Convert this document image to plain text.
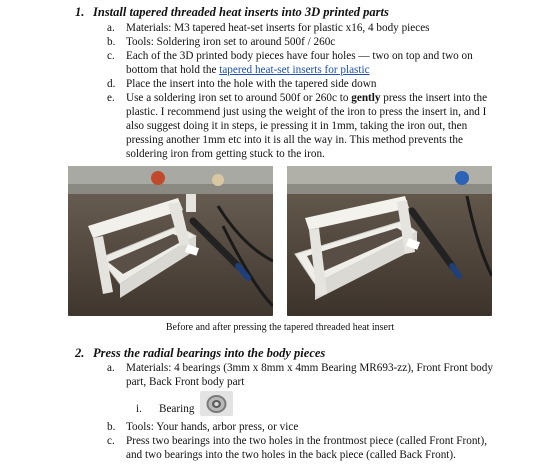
1. Install tapered threaded heat inserts into 3D printed parts
a. Materials: M3 tapered heat-set inserts for plastic x16, 4 body pieces
b. Tools: Soldering iron set to around 500f / 260c
c. Each of the 3D printed body pieces have four holes — two on top and two on
bottom that hold the tapered heat-set inserts for plastic
d. Place the insert into the hole with the tapered side down
e. Use a soldering iron set to around 500f or 260c to gently press the insert into the
plastic. I recommend just using the weight of the iron to press the insert in, and I
also suggest doing it in steps, ie pressing it in 1mm, taking the iron out, then
pressing another 1mm etc into it is all the way in. This method prevents the
soldering iron from getting stuck to the iron.
Before and after pressing the tapered threaded heat insert
2. Press the radial bearings into the body pieces
a. Materials: 4 bearings (3mm x 8mm x 4mm Bearing MR693-zz), Front Front body
part, Back Front body part
i. Bearing
b. Tools: Your hands, arbor press, or vice
c. Press two bearings into the two holes in the frontmost piece (called Front Front),
and two bearings into the two holes in the back piece (called Back Front).
